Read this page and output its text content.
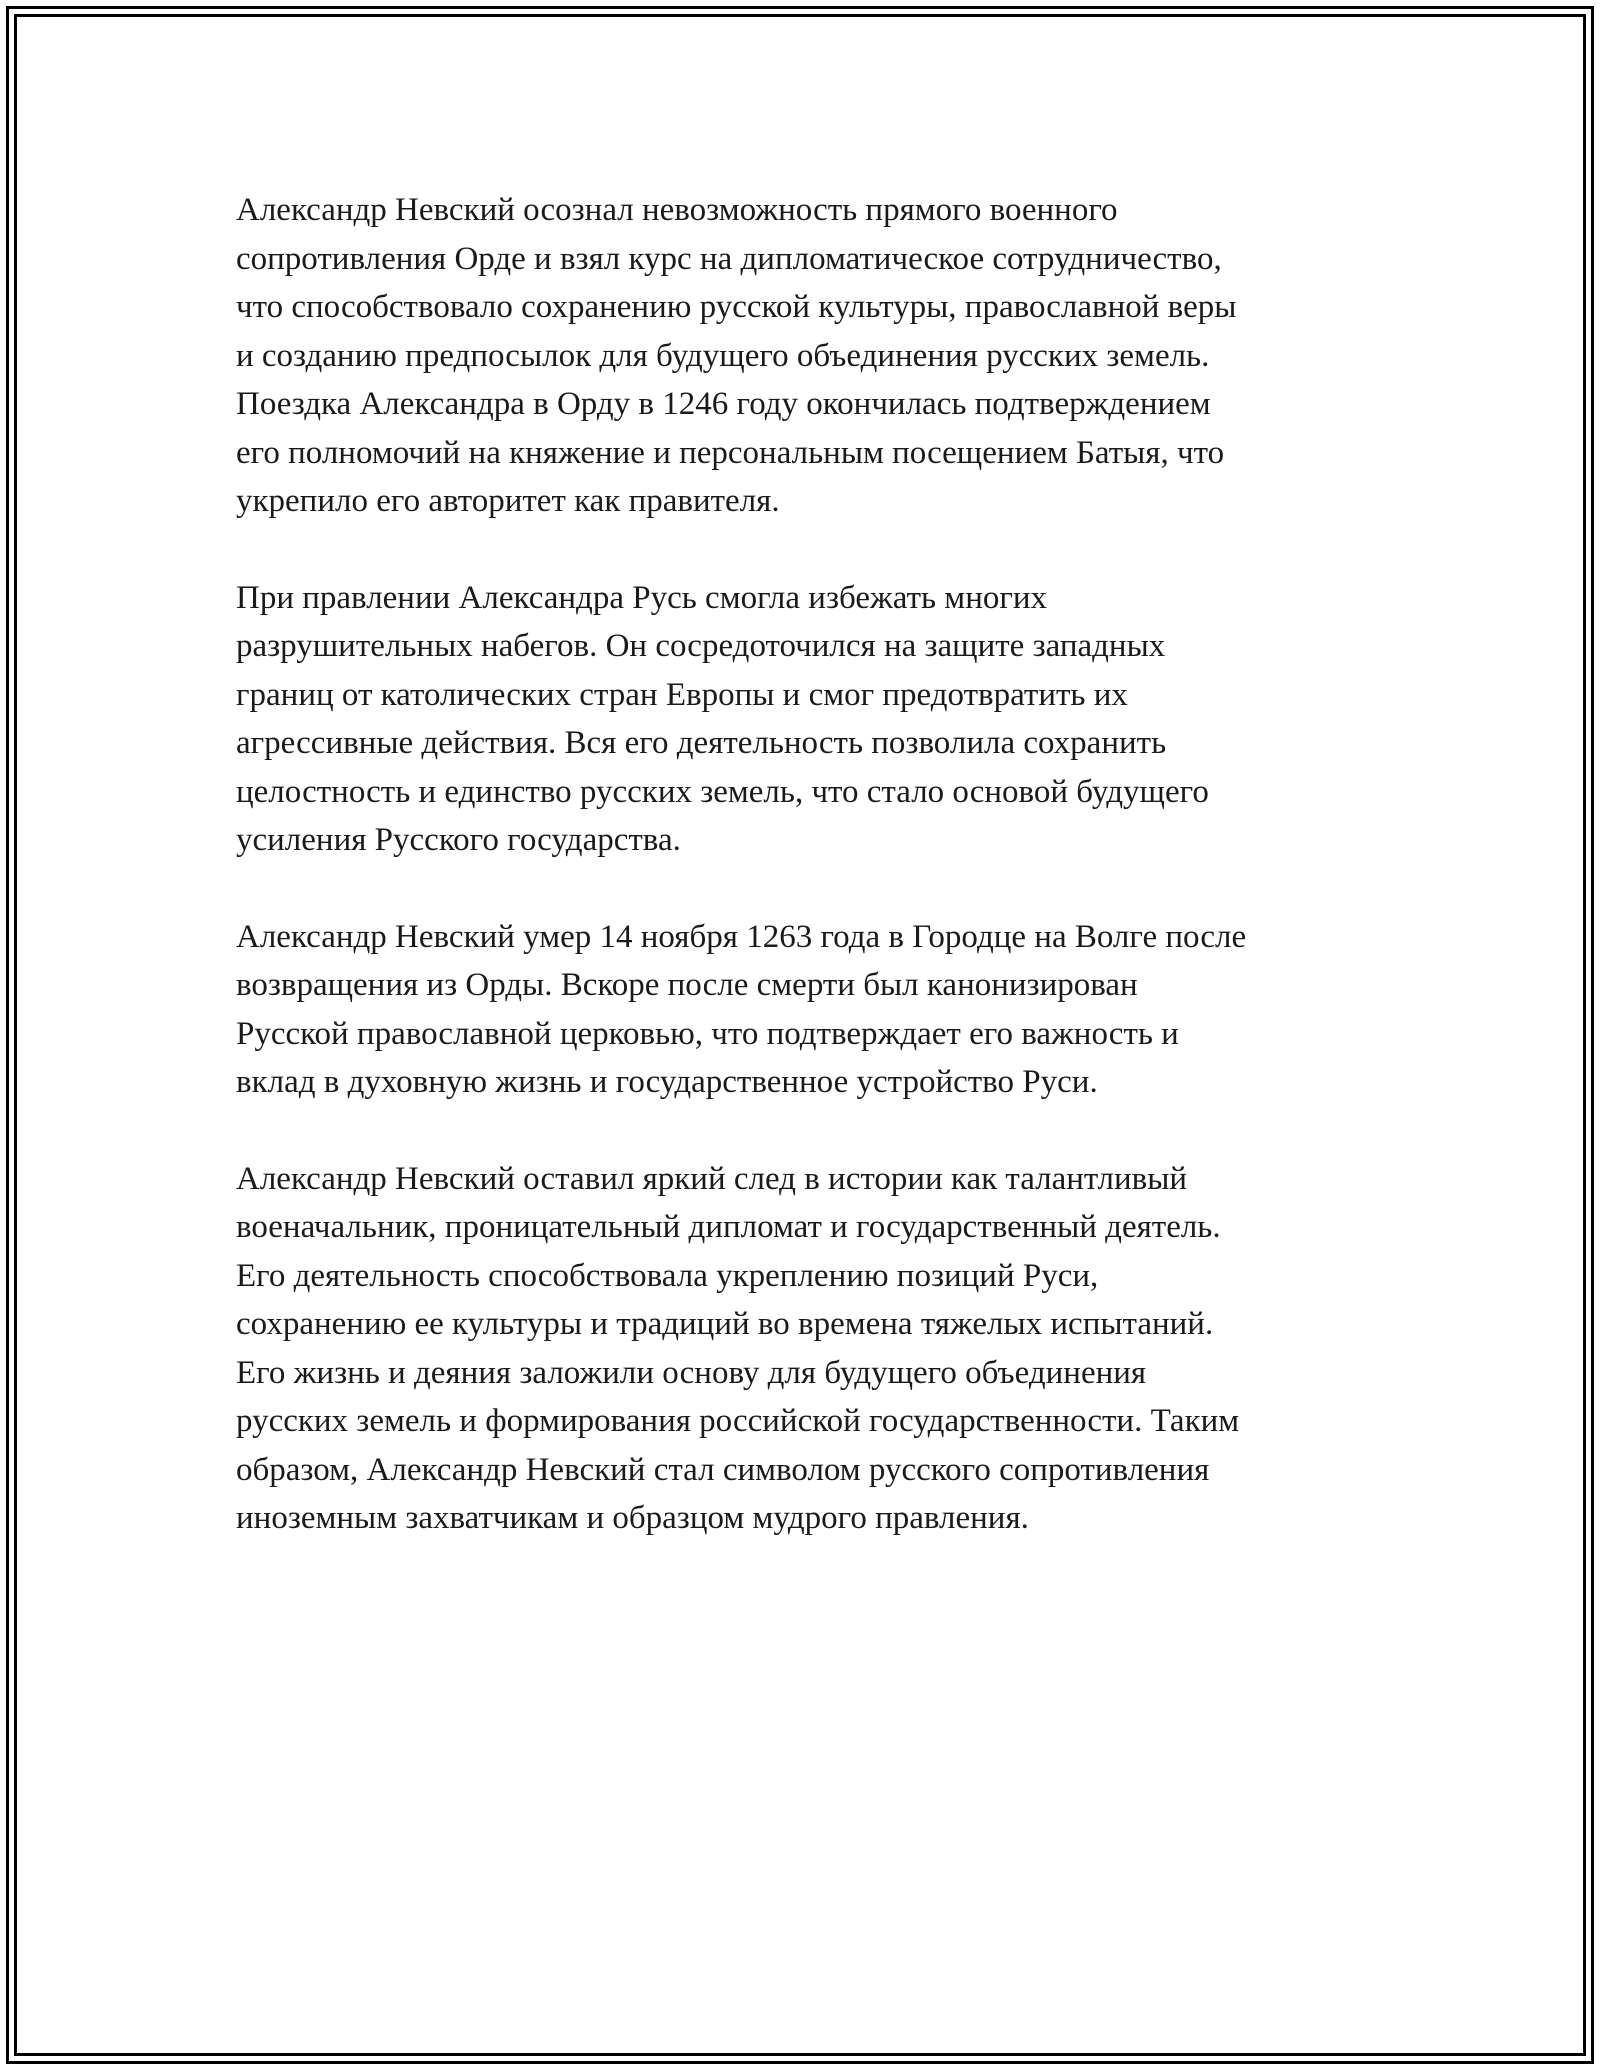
Александр Невский осознал невозможность прямого военного
сопротивления Орде и взял курс на дипломатическое сотрудничество,
что способствовало сохранению русской культуры, православной веры
и созданию предпосылок для будущего объединения русских земель.
Поездка Александра в Орду в 1246 году окончилась подтверждением
его полномочий на княжение и персональным посещением Батыя, что
укрепило его авторитет как правителя.

При правлении Александра Русь смогла избежать многих
разрушительных набегов. Он сосредоточился на защите западных
границ от католических стран Европы и смог предотвратить их
агрессивные действия. Вся его деятельность позволила сохранить
целостность и единство русских земель, что стало основой будущего
усиления Русского государства.

Александр Невский умер 14 ноября 1263 года в Городце на Волге после
возвращения из Орды. Вскоре после смерти был канонизирован
Русской православной церковью, что подтверждает его важность и
вклад в духовную жизнь и государственное устройство Руси.

Александр Невский оставил яркий след в истории как талантливый
военачальник, проницательный дипломат и государственный деятель.
Его деятельность способствовала укреплению позиций Руси,
сохранению ее культуры и традиций во времена тяжелых испытаний.
Его жизнь и деяния заложили основу для будущего объединения
русских земель и формирования российской государственности. Таким
образом, Александр Невский стал символом русского сопротивления
иноземным захватчикам и образцом мудрого правления.
